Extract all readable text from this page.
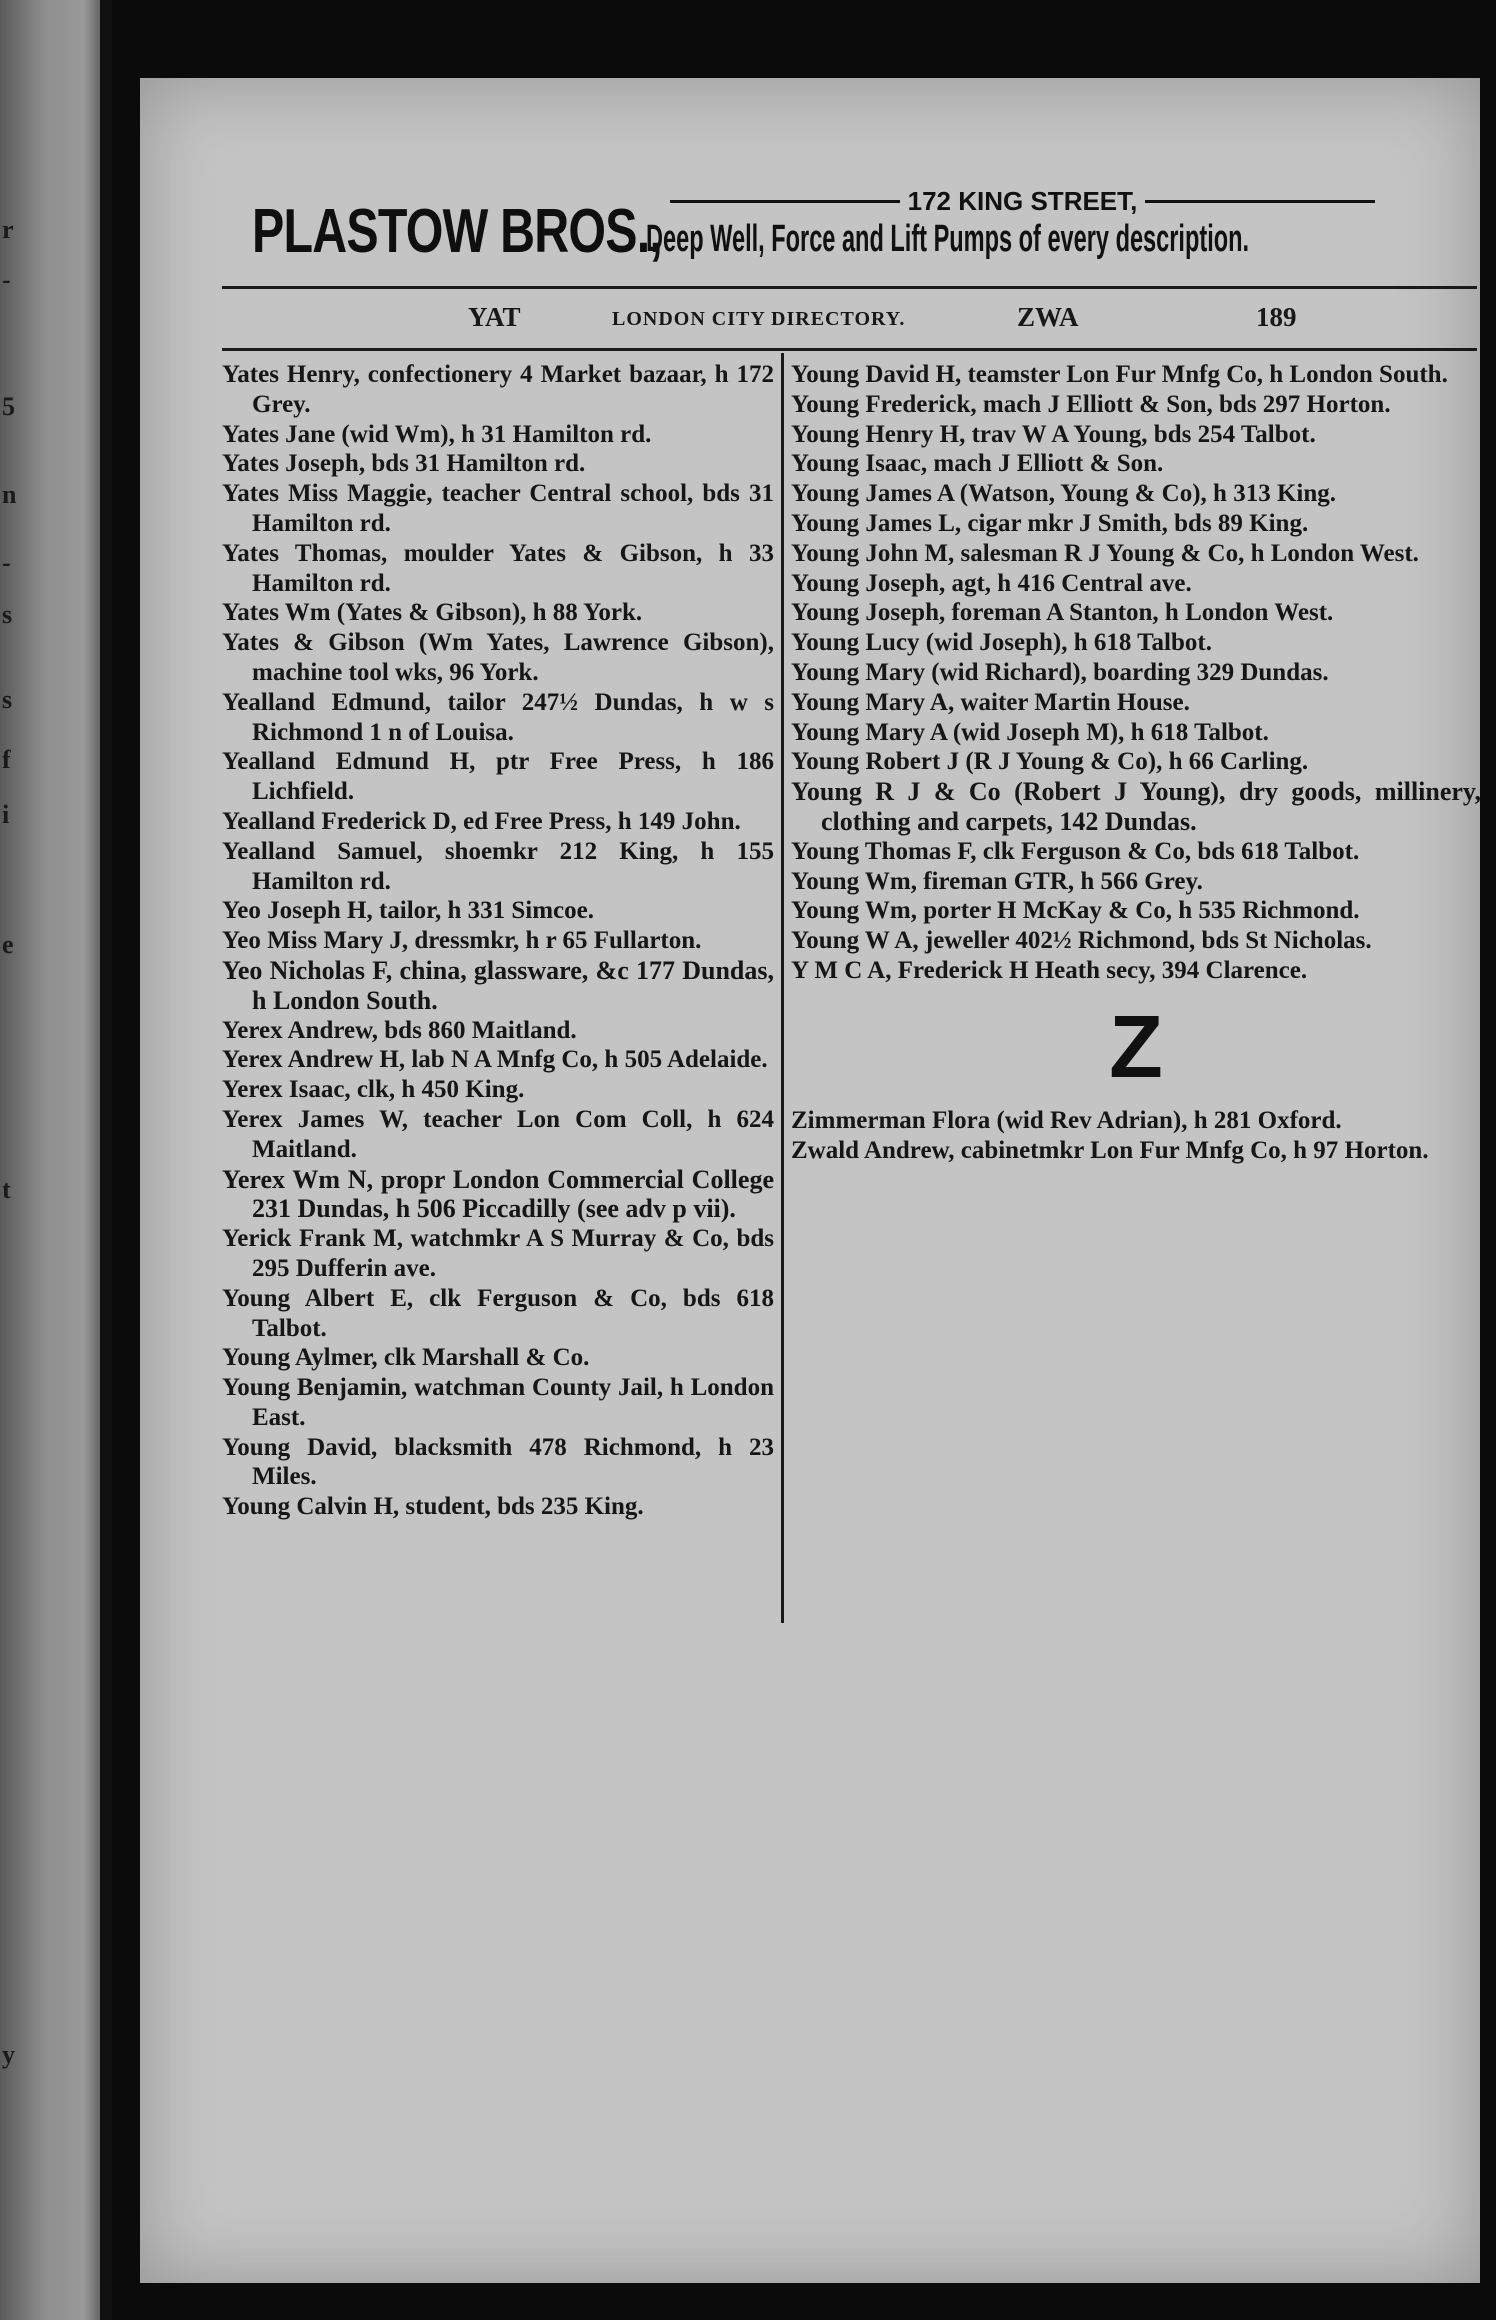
r
-
5
n
-
s
s
f
i
e
t
y
PLASTOW BROS.,	172 KING STREET,
Deep Well, Force and Lift Pumps of every description.
YAT	LONDON CITY DIRECTORY.	ZWA	189
Yates Henry, confectionery 4 Market bazaar, h 172 Grey.
Yates Jane (wid Wm), h 31 Hamilton rd.
Yates Joseph, bds 31 Hamilton rd.
Yates Miss Maggie, teacher Central school, bds 31 Hamilton rd.
Yates Thomas, moulder Yates & Gibson, h 33 Hamilton rd.
Yates Wm (Yates & Gibson), h 88 York.
Yates & Gibson (Wm Yates, Lawrence Gibson), machine tool wks, 96 York.
Yealland Edmund, tailor 247½ Dundas, h w s Richmond 1 n of Louisa.
Yealland Edmund H, ptr Free Press, h 186 Lichfield.
Yealland Frederick D, ed Free Press, h 149 John.
Yealland Samuel, shoemkr 212 King, h 155 Hamilton rd.
Yeo Joseph H, tailor, h 331 Simcoe.
Yeo Miss Mary J, dressmkr, h r 65 Fullarton.
Yeo Nicholas F, china, glassware, &c 177 Dundas, h London South.
Yerex Andrew, bds 860 Maitland.
Yerex Andrew H, lab N A Mnfg Co, h 505 Adelaide.
Yerex Isaac, clk, h 450 King.
Yerex James W, teacher Lon Com Coll, h 624 Maitland.
Yerex Wm N, propr London Commercial College 231 Dundas, h 506 Piccadilly (see adv p vii).
Yerick Frank M, watchmkr A S Murray & Co, bds 295 Dufferin ave.
Young Albert E, clk Ferguson & Co, bds 618 Talbot.
Young Aylmer, clk Marshall & Co.
Young Benjamin, watchman County Jail, h London East.
Young David, blacksmith 478 Richmond, h 23 Miles.
Young Calvin H, student, bds 235 King.
Young David H, teamster Lon Fur Mnfg Co, h London South.
Young Frederick, mach J Elliott & Son, bds 297 Horton.
Young Henry H, trav W A Young, bds 254 Talbot.
Young Isaac, mach J Elliott & Son.
Young James A (Watson, Young & Co), h 313 King.
Young James L, cigar mkr J Smith, bds 89 King.
Young John M, salesman R J Young & Co, h London West.
Young Joseph, agt, h 416 Central ave.
Young Joseph, foreman A Stanton, h London West.
Young Lucy (wid Joseph), h 618 Talbot.
Young Mary (wid Richard), boarding 329 Dundas.
Young Mary A, waiter Martin House.
Young Mary A (wid Joseph M), h 618 Talbot.
Young Robert J (R J Young & Co), h 66 Carling.
Young R J & Co (Robert J Young), dry goods, millinery, clothing and carpets, 142 Dundas.
Young Thomas F, clk Ferguson & Co, bds 618 Talbot.
Young Wm, fireman GTR, h 566 Grey.
Young Wm, porter H McKay & Co, h 535 Richmond.
Young W A, jeweller 402½ Richmond, bds St Nicholas.
Y M C A, Frederick H Heath secy, 394 Clarence.
Z
Zimmerman Flora (wid Rev Adrian), h 281 Oxford.
Zwald Andrew, cabinetmkr Lon Fur Mnfg Co, h 97 Horton.
